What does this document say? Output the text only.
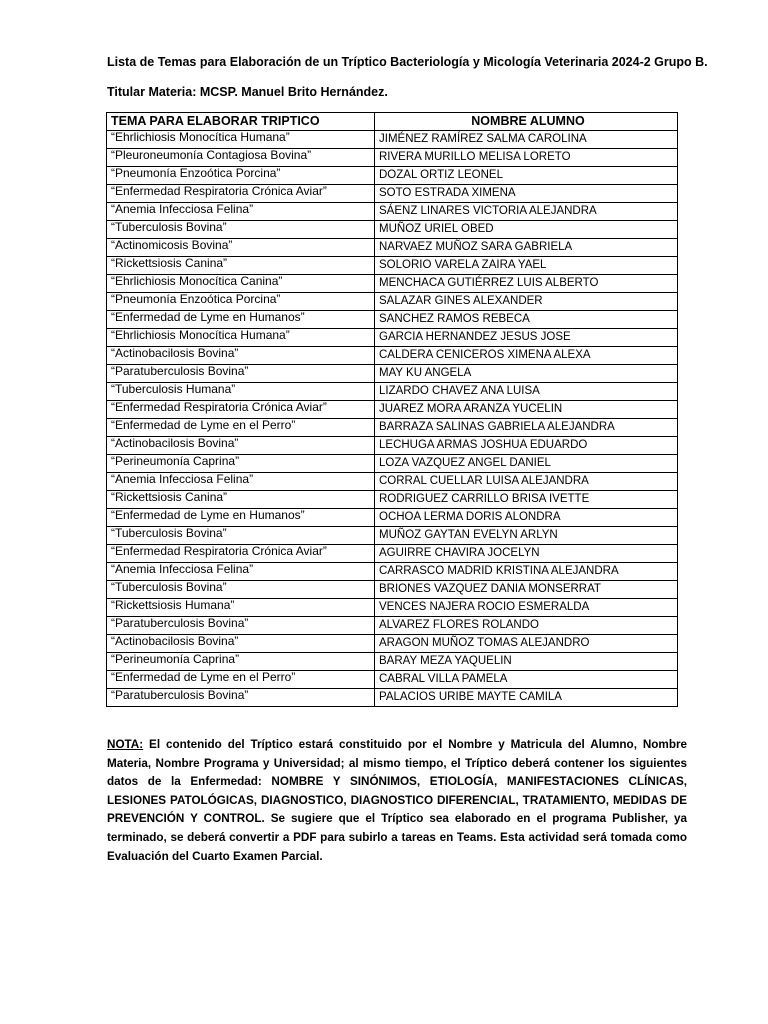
Lista de Temas para Elaboración de un Tríptico Bacteriología y Micología Veterinaria 2024-2 Grupo B.
Titular Materia: MCSP. Manuel Brito Hernández.
TEMA PARA ELABORAR TRIPTICO	NOMBRE ALUMNO
“Ehrlichiosis Monocítica Humana”	JIMÉNEZ RAMÍREZ SALMA CAROLINA
“Pleuroneumonía Contagiosa Bovina”	RIVERA MURILLO MELISA LORETO
“Pneumonía Enzoótica Porcina”	DOZAL ORTIZ LEONEL
“Enfermedad Respiratoria Crónica Aviar”	SOTO ESTRADA XIMENA
“Anemia Infecciosa Felina”	SÁENZ LINARES VICTORIA ALEJANDRA
“Tuberculosis Bovina”	MUÑOZ URIEL OBED
“Actinomicosis Bovina”	NARVAEZ MUÑOZ SARA GABRIELA
“Rickettsiosis Canina”	SOLORIO VARELA ZAIRA YAEL
“Ehrlichiosis Monocítica Canina”	MENCHACA GUTIÉRREZ LUIS ALBERTO
“Pneumonía Enzoótica Porcina”	SALAZAR GINES ALEXANDER
“Enfermedad de Lyme en Humanos”	SANCHEZ RAMOS REBECA
“Ehrlichiosis Monocítica Humana”	GARCIA HERNANDEZ JESUS JOSE
“Actinobacilosis Bovina”	CALDERA CENICEROS XIMENA ALEXA
“Paratuberculosis Bovina”	MAY KU ANGELA
“Tuberculosis Humana”	LIZARDO CHAVEZ ANA LUISA
“Enfermedad Respiratoria Crónica Aviar”	JUAREZ MORA ARANZA YUCELIN
“Enfermedad de Lyme en el Perro”	BARRAZA SALINAS GABRIELA ALEJANDRA
“Actinobacilosis Bovina”	LECHUGA ARMAS JOSHUA EDUARDO
“Perineumonía Caprina”	LOZA VAZQUEZ ANGEL DANIEL
“Anemia Infecciosa Felina”	CORRAL CUELLAR LUISA ALEJANDRA
“Rickettsiosis Canina”	RODRIGUEZ CARRILLO BRISA IVETTE
“Enfermedad de Lyme en Humanos”	OCHOA LERMA DORIS ALONDRA
“Tuberculosis Bovina”	MUÑOZ GAYTAN EVELYN ARLYN
“Enfermedad Respiratoria Crónica Aviar”	AGUIRRE CHAVIRA JOCELYN
“Anemia Infecciosa Felina”	CARRASCO MADRID KRISTINA ALEJANDRA
“Tuberculosis Bovina”	BRIONES VAZQUEZ DANIA MONSERRAT
“Rickettsiosis Humana”	VENCES NAJERA ROCIO ESMERALDA
“Paratuberculosis Bovina”	ALVAREZ FLORES ROLANDO
“Actinobacilosis Bovina”	ARAGON MUÑOZ TOMAS ALEJANDRO
“Perineumonía Caprina”	BARAY MEZA YAQUELIN
“Enfermedad de Lyme en el Perro”	CABRAL VILLA PAMELA
“Paratuberculosis Bovina”	PALACIOS URIBE MAYTE CAMILA
NOTA: El contenido del Tríptico estará constituido por el Nombre y Matricula del Alumno, Nombre Materia, Nombre Programa y Universidad; al mismo tiempo, el Tríptico deberá contener los siguientes datos de la Enfermedad: NOMBRE Y SINÓNIMOS, ETIOLOGÍA, MANIFESTACIONES CLÍNICAS, LESIONES PATOLÓGICAS, DIAGNOSTICO, DIAGNOSTICO DIFERENCIAL, TRATAMIENTO, MEDIDAS DE PREVENCIÓN Y CONTROL. Se sugiere que el Tríptico sea elaborado en el programa Publisher, ya terminado, se deberá convertir a PDF para subirlo a tareas en Teams. Esta actividad será tomada como Evaluación del Cuarto Examen Parcial.
